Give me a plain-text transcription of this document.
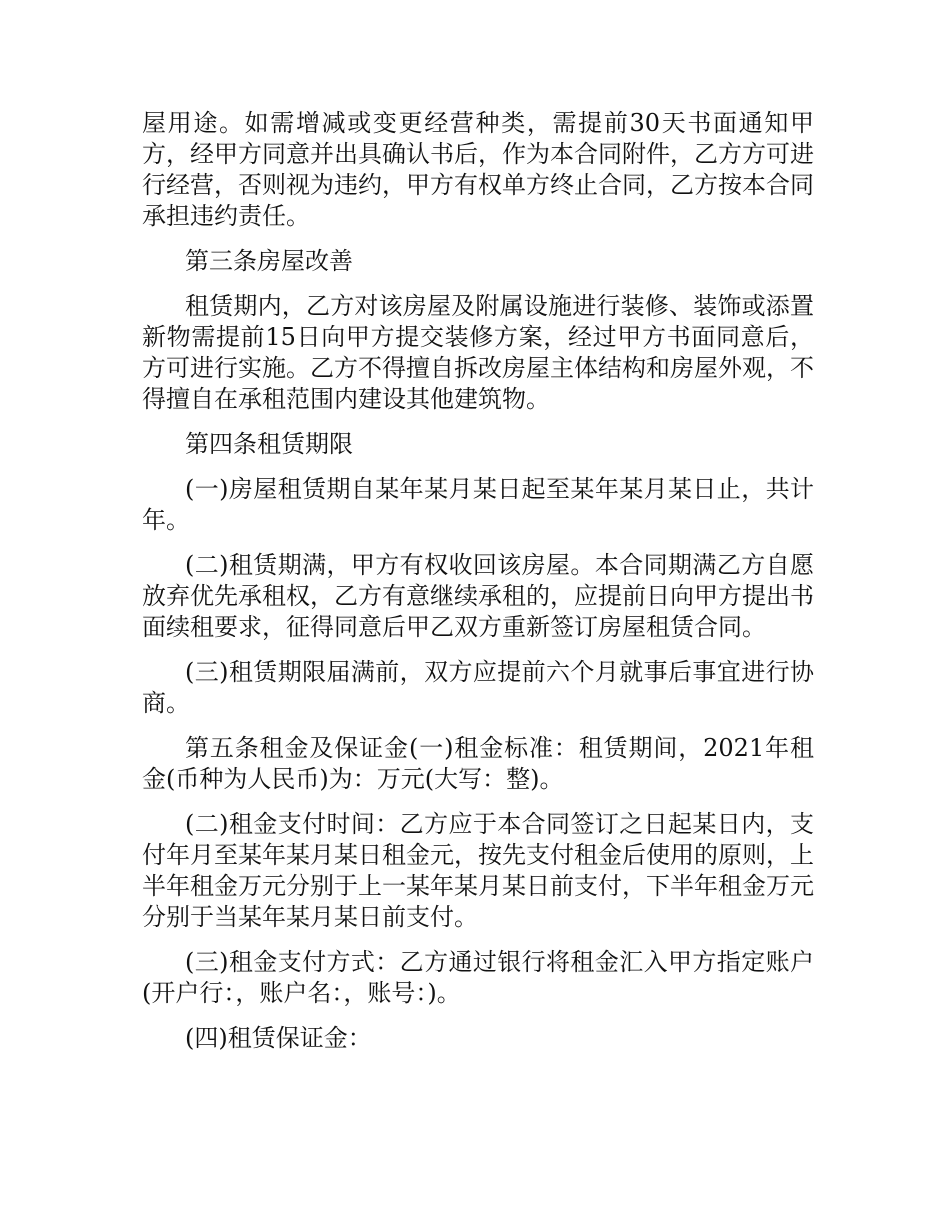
屋用途。如需增减或变更经营种类，需提前30天书面通知甲方，经甲方同意并出具确认书后，作为本合同附件，乙方方可进行经营，否则视为违约，甲方有权单方终止合同，乙方按本合同承担违约责任。

第三条房屋改善

租赁期内，乙方对该房屋及附属设施进行装修、装饰或添置新物需提前15日向甲方提交装修方案，经过甲方书面同意后，方可进行实施。乙方不得擅自拆改房屋主体结构和房屋外观，不得擅自在承租范围内建设其他建筑物。

第四条租赁期限

(一)房屋租赁期自某年某月某日起至某年某月某日止，共计年。

(二)租赁期满，甲方有权收回该房屋。本合同期满乙方自愿放弃优先承租权，乙方有意继续承租的，应提前日向甲方提出书面续租要求，征得同意后甲乙双方重新签订房屋租赁合同。

(三)租赁期限届满前，双方应提前六个月就事后事宜进行协商。

第五条租金及保证金(一)租金标准：租赁期间，2021年租金(币种为人民币)为：万元(大写：整)。

(二)租金支付时间：乙方应于本合同签订之日起某日内，支付年月至某年某月某日租金元，按先支付租金后使用的原则，上半年租金万元分别于上一某年某月某日前支付，下半年租金万元分别于当某年某月某日前支付。

(三)租金支付方式：乙方通过银行将租金汇入甲方指定账户(开户行：，账户名：，账号：)。

(四)租赁保证金：
